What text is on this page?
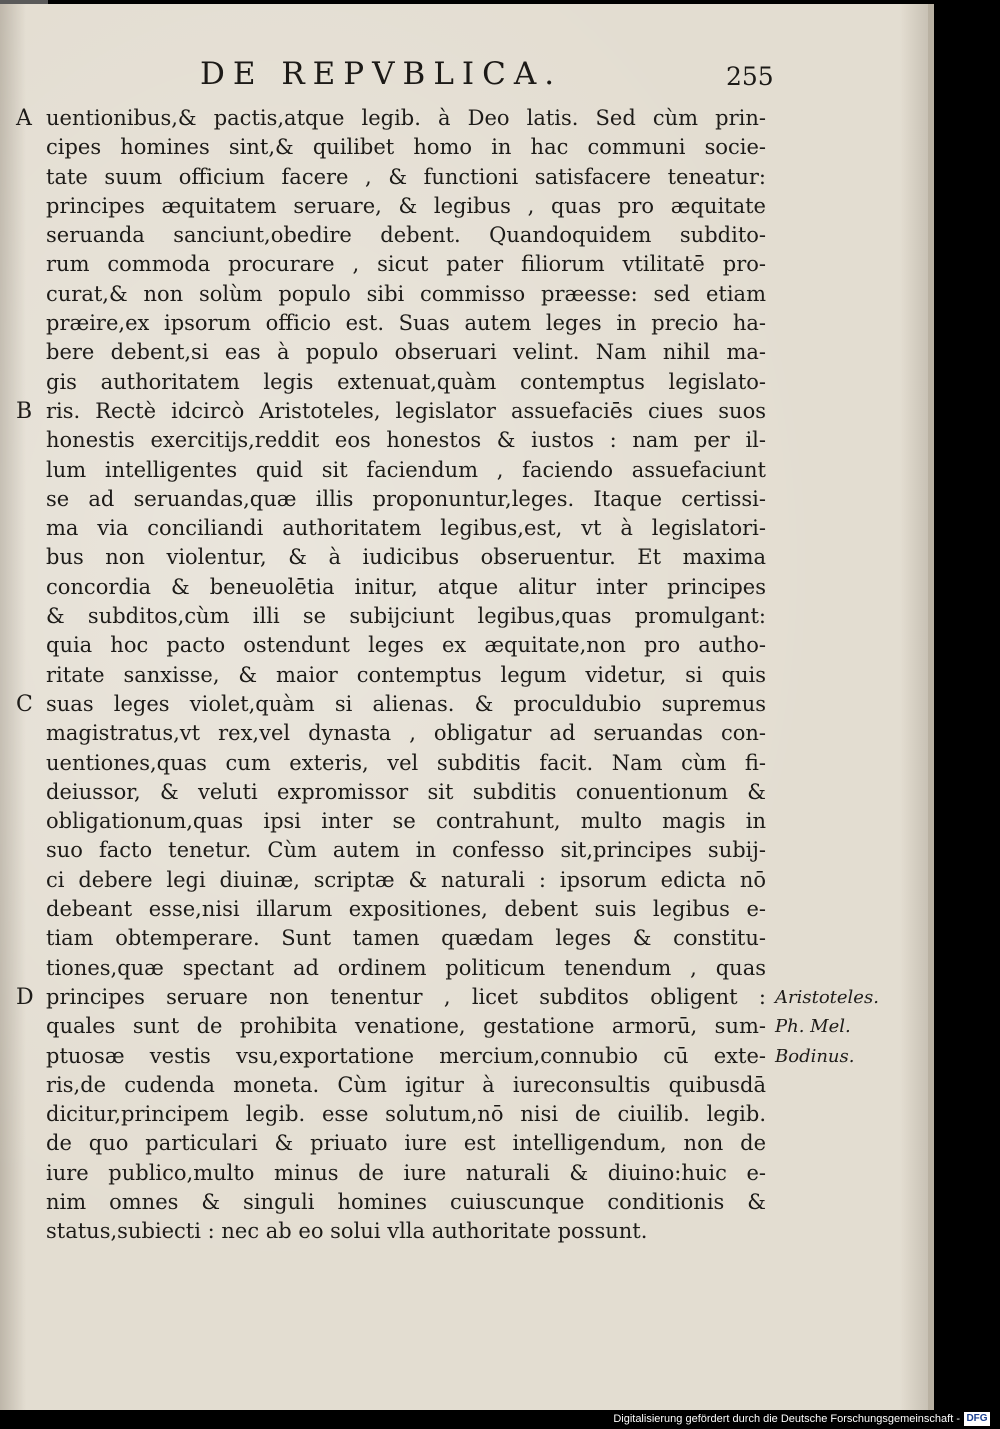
DE REPVBLICA.	255
uentionibus,& pactis,atque legib. à Deo latis. Sed cùm prin-
cipes homines sint,& quilibet homo in hac communi socie-
tate suum officium facere , & functioni satisfacere teneatur:
principes æquitatem seruare, & legibus , quas pro æquitate
seruanda sanciunt,obedire debent. Quandoquidem subdito-
rum commoda procurare , sicut pater filiorum vtilitatē pro-
curat,& non solùm populo sibi commisso præesse: sed etiam
præire,ex ipsorum officio est. Suas autem leges in precio ha-
bere debent,si eas à populo obseruari velint. Nam nihil ma-
gis authoritatem legis extenuat,quàm contemptus legislato-
ris. Rectè idcircò Aristoteles, legislator assuefaciēs ciues suos
honestis exercitijs,reddit eos honestos & iustos : nam per il-
lum intelligentes quid sit faciendum , faciendo assuefaciunt
se ad seruandas,quæ illis proponuntur,leges. Itaque certissi-
ma via conciliandi authoritatem legibus,est, vt à legislatori-
bus non violentur, & à iudicibus obseruentur. Et maxima
concordia & beneuolētia initur, atque alitur inter principes
& subditos,cùm illi se subijciunt legibus,quas promulgant:
quia hoc pacto ostendunt leges ex æquitate,non pro autho-
ritate sanxisse, & maior contemptus legum videtur, si quis
suas leges violet,quàm si alienas. & proculdubio supremus
magistratus,vt rex,vel dynasta , obligatur ad seruandas con-
uentiones,quas cum exteris, vel subditis facit. Nam cùm fi-
deiussor, & veluti expromissor sit subditis conuentionum &
obligationum,quas ipsi inter se contrahunt, multo magis in
suo facto tenetur. Cùm autem in confesso sit,principes subij-
ci debere legi diuinæ, scriptæ & naturali : ipsorum edicta nō
debeant esse,nisi illarum expositiones, debent suis legibus e-
tiam obtemperare. Sunt tamen quædam leges & constitu-
tiones,quæ spectant ad ordinem politicum tenendum , quas
principes seruare non tenentur , licet subditos obligent :
quales sunt de prohibita venatione, gestatione armorū, sum-
ptuosæ vestis vsu,exportatione mercium,connubio cū exte-
ris,de cudenda moneta. Cùm igitur à iureconsultis quibusdā
dicitur,principem legib. esse solutum,nō nisi de ciuilib. legib.
de quo particulari & priuato iure est intelligendum, non de
iure publico,multo minus de iure naturali & diuino:huic e-
nim omnes & singuli homines cuiuscunque conditionis &
status,subiecti : nec ab eo solui vlla authoritate possunt.
A
B
C
D	Aristoteles.
Ph. Mel.
Bodinus.
Digitalisierung gefördert durch die Deutsche Forschungsgemeinschaft - DFG
